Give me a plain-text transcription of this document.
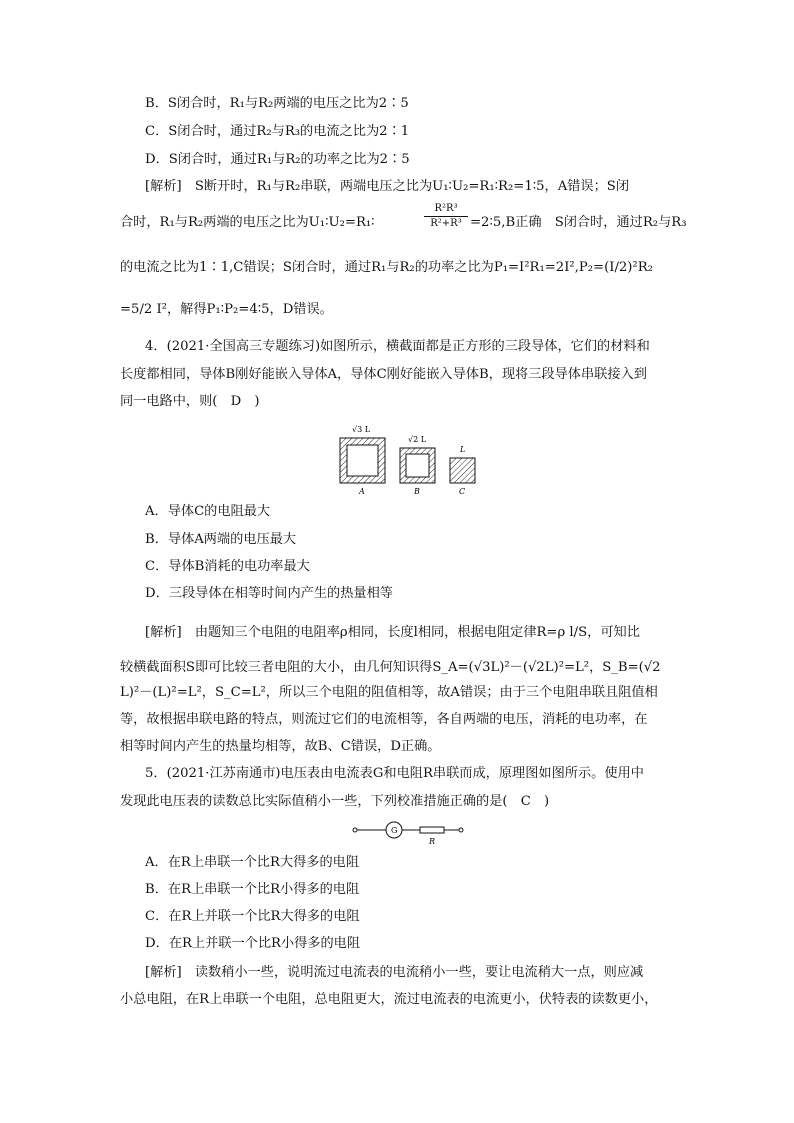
B．S闭合时，R₁与R₂两端的电压之比为2∶5
C．S闭合时，通过R₂与R₃的电流之比为2∶1
D．S闭合时，通过R₁与R₂的功率之比为2∶5
[解析]　S断开时，R₁与R₂串联，两端电压之比为U₁∶U₂=R₁∶R₂=1∶5，A错误；S闭
合时，R₁与R₂两端的电压之比为U₁∶U₂=R₁∶	$\frac{\text{R²R³}}{\text{R²+R³}}$ =2∶5,B正确　S闭合时，通过R₂与R₃
的电流之比为1∶1,C错误；S闭合时，通过R₁与R₂的功率之比为P₁=I²R₁=2I²,P₂=(I/2)²R₂
=5/2 I²，解得P₁∶P₂=4∶5，D错误。
4．(2021·全国高三专题练习)如图所示，横截面都是正方形的三段导体，它们的材料和
长度都相同，导体B刚好能嵌入导体A，导体C刚好能嵌入导体B，现将三段导体串联接入到
同一电路中，则(　D　)
√3 L
A
√2 L
B
L
C
A．导体C的电阻最大
B．导体A两端的电压最大
C．导体B消耗的电功率最大
D．三段导体在相等时间内产生的热量相等
[解析]　由题知三个电阻的电阻率ρ相同，长度l相同，根据电阻定律R=ρ l/S，可知比
较横截面积S即可比较三者电阻的大小，由几何知识得S_A=(√3L)²－(√2L)²=L²，S_B=(√2
L)²－(L)²=L²，S_C=L²，所以三个电阻的阻值相等，故A错误；由于三个电阻串联且阻值相
等，故根据串联电路的特点，则流过它们的电流相等，各自两端的电压，消耗的电功率，在
相等时间内产生的热量均相等，故B、C错误，D正确。
5．(2021·江苏南通市)电压表由电流表G和电阻R串联而成，原理图如图所示。使用中
发现此电压表的读数总比实际值稍小一些，下列校准措施正确的是(　C　)
G
R
A．在R上串联一个比R大得多的电阻
B．在R上串联一个比R小得多的电阻
C．在R上并联一个比R大得多的电阻
D．在R上并联一个比R小得多的电阻
[解析]　读数稍小一些，说明流过电流表的电流稍小一些，要让电流稍大一点，则应减
小总电阻，在R上串联一个电阻，总电阻更大，流过电流表的电流更小，伏特表的读数更小，
